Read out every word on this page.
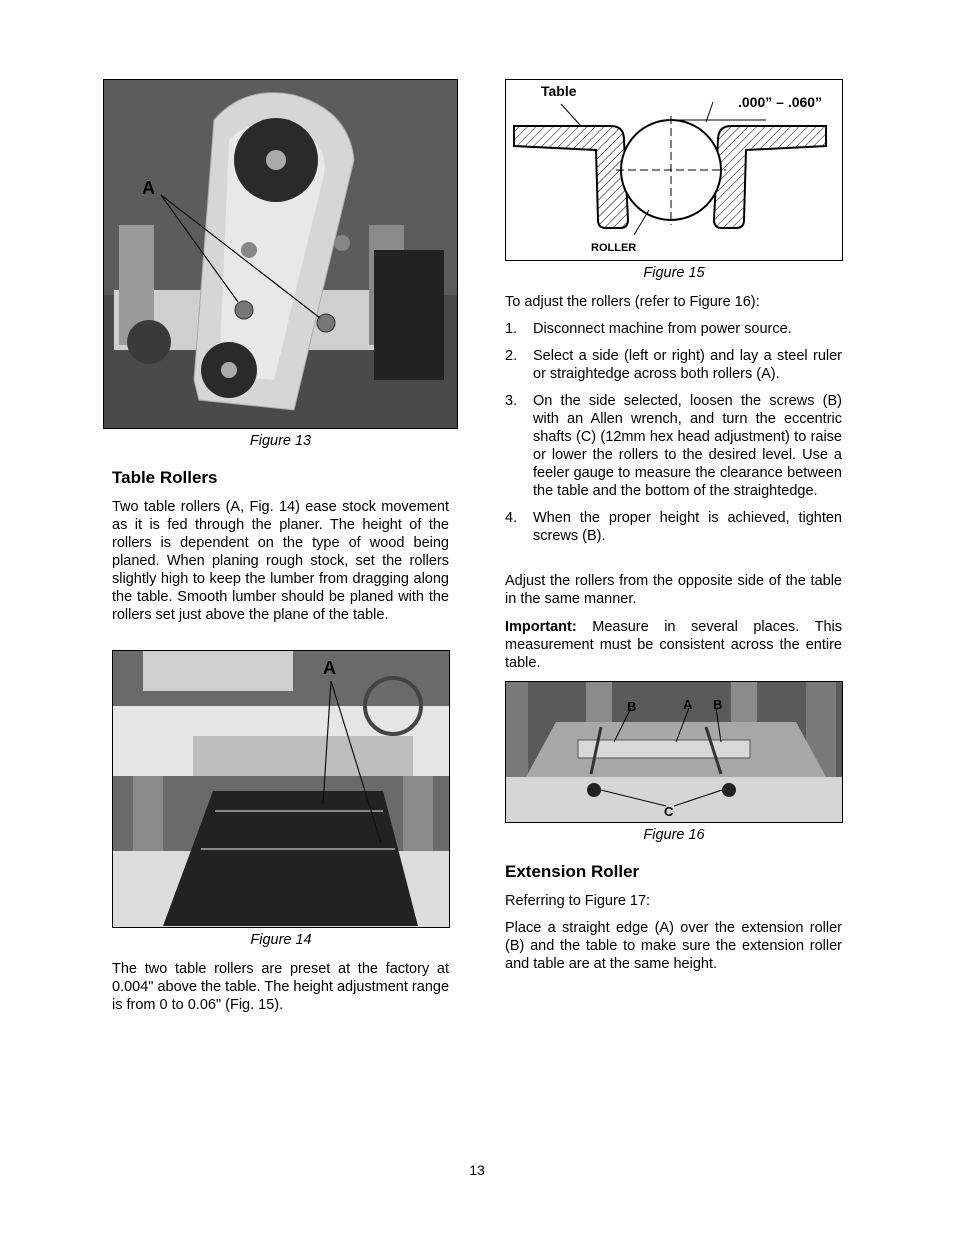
A
Figure 13
Table Rollers

Two table rollers (A, Fig. 14) ease stock movement as it is fed through the planer. The height of the rollers is dependent on the type of wood being planed. When planing rough stock, set the rollers slightly high to keep the lumber from dragging along the table. Smooth lumber should be planed with the rollers set just above the plane of the table.

A
Figure 14

The two table rollers are preset at the factory at 0.004" above the table. The height adjustment range is from 0 to 0.06" (Fig. 15).

Table
.000” – .060”
ROLLER
Figure 15

To adjust the rollers (refer to Figure 16):

1. Disconnect machine from power source.
2. Select a side (left or right) and lay a steel ruler or straightedge across both rollers (A).
3. On the side selected, loosen the screws (B) with an Allen wrench, and turn the eccentric shafts (C) (12mm hex head adjustment) to raise or lower the rollers to the desired level. Use a feeler gauge to measure the clearance between the table and the bottom of the straightedge.
4. When the proper height is achieved, tighten screws (B).

Adjust the rollers from the opposite side of the table in the same manner.

Important: Measure in several places. This measurement must be consistent across the entire table.

B	A B
C
Figure 16
Extension Roller

Referring to Figure 17:

Place a straight edge (A) over the extension roller (B) and the table to make sure the extension roller and table are at the same height.

13
